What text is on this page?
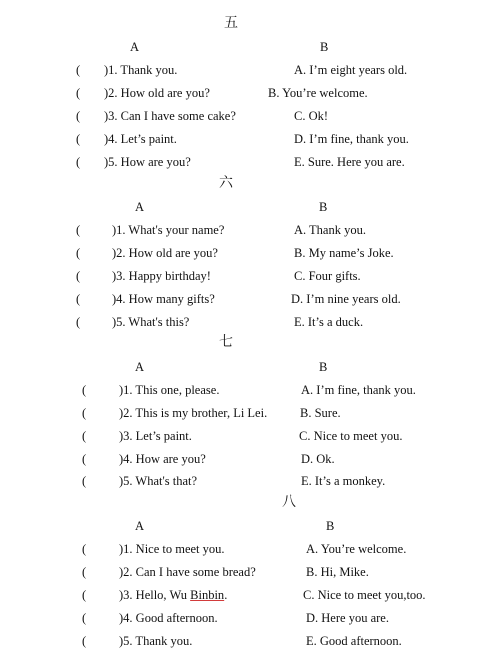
五
A	B
( )1. Thank you.	A. I’m eight years old.
( )2. How old are you?	B. You’re welcome.
( )3. Can I have some cake?	C. Ok!
( )4. Let’s paint.	D. I’m fine, thank you.
( )5. How are you?	E. Sure. Here you are.
六
A	B
(	)1. What's your name?	A. Thank you.
(	)2. How old are you?	B. My name’s Joke.
(	)3. Happy birthday!	C. Four gifts.
(	)4. How many gifts?	D. I’m nine years old.
(	)5. What's this?	E. It’s a duck.
七
A	B
(	)1. This one, please.	A. I’m fine, thank you.
(	)2. This is my brother, Li Lei.	B. Sure.
(	)3. Let’s paint.	C. Nice to meet you.
(	)4. How are you?	D. Ok.
(	)5. What's that?	E. It’s a monkey.
八
A	B
(	)1. Nice to meet you.	A. You’re welcome.
(	)2. Can I have some bread?	B. Hi, Mike.
(	)3. Hello, Wu Binbin.	C. Nice to meet you,too.
(	)4. Good afternoon.	D. Here you are.
(	)5. Thank you.	E. Good afternoon.
